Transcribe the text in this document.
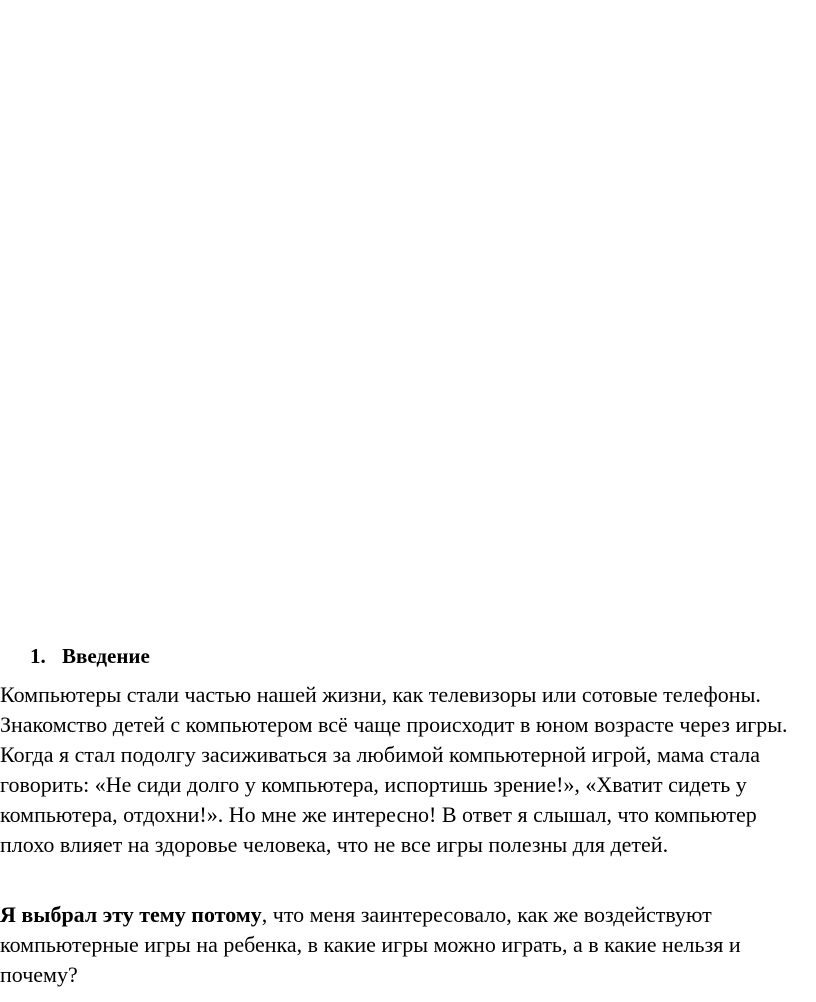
1. Введение

Компьютеры стали частью нашей жизни, как телевизоры или сотовые телефоны. Знакомство детей с компьютером всё чаще происходит в юном возрасте через игры. Когда я стал подолгу засиживаться за любимой компьютерной игрой, мама стала говорить: «Не сиди долго у компьютера, испортишь зрение!», «Хватит сидеть у компьютера, отдохни!». Но мне же интересно! В ответ я слышал, что компьютер плохо влияет на здоровье человека, что не все игры полезны для детей.

Я выбрал эту тему потому, что меня заинтересовало, как же воздействуют компьютерные игры на ребенка, в какие игры можно играть, а в какие нельзя и почему?
